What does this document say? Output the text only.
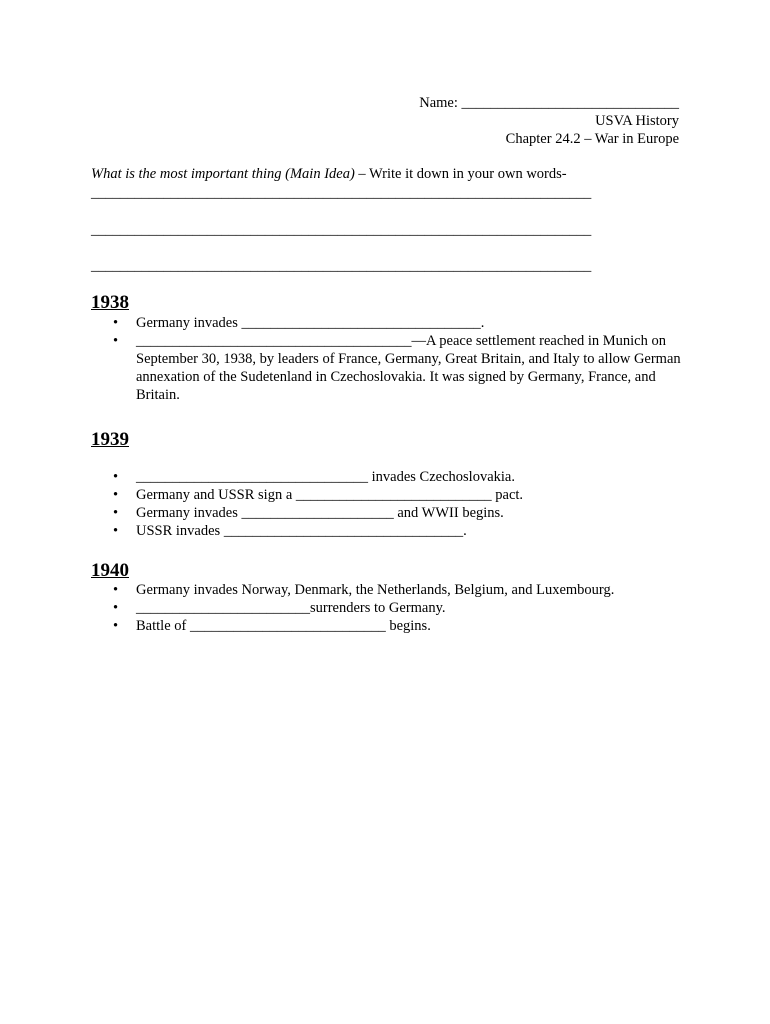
Name: ______________________________
USVA History
Chapter 24.2 – War in Europe
What is the most important thing (Main Idea) – Write it down in your own words-
_____________________________________________________________________
_____________________________________________________________________
_____________________________________________________________________
1938
• Germany invades _________________________________.
• ______________________________________—A peace settlement reached in Munich on September 30, 1938, by leaders of France, Germany, Great Britain, and Italy to allow German annexation of the Sudetenland in Czechoslovakia. It was signed by Germany, France, and Britain.
1939
• ________________________________ invades Czechoslovakia.
• Germany and USSR sign a ___________________________ pact.
• Germany invades _____________________ and WWII begins.
• USSR invades _________________________________.
1940
• Germany invades Norway, Denmark, the Netherlands, Belgium, and Luxembourg.
• ________________________surrenders to Germany.
• Battle of ___________________________ begins.
